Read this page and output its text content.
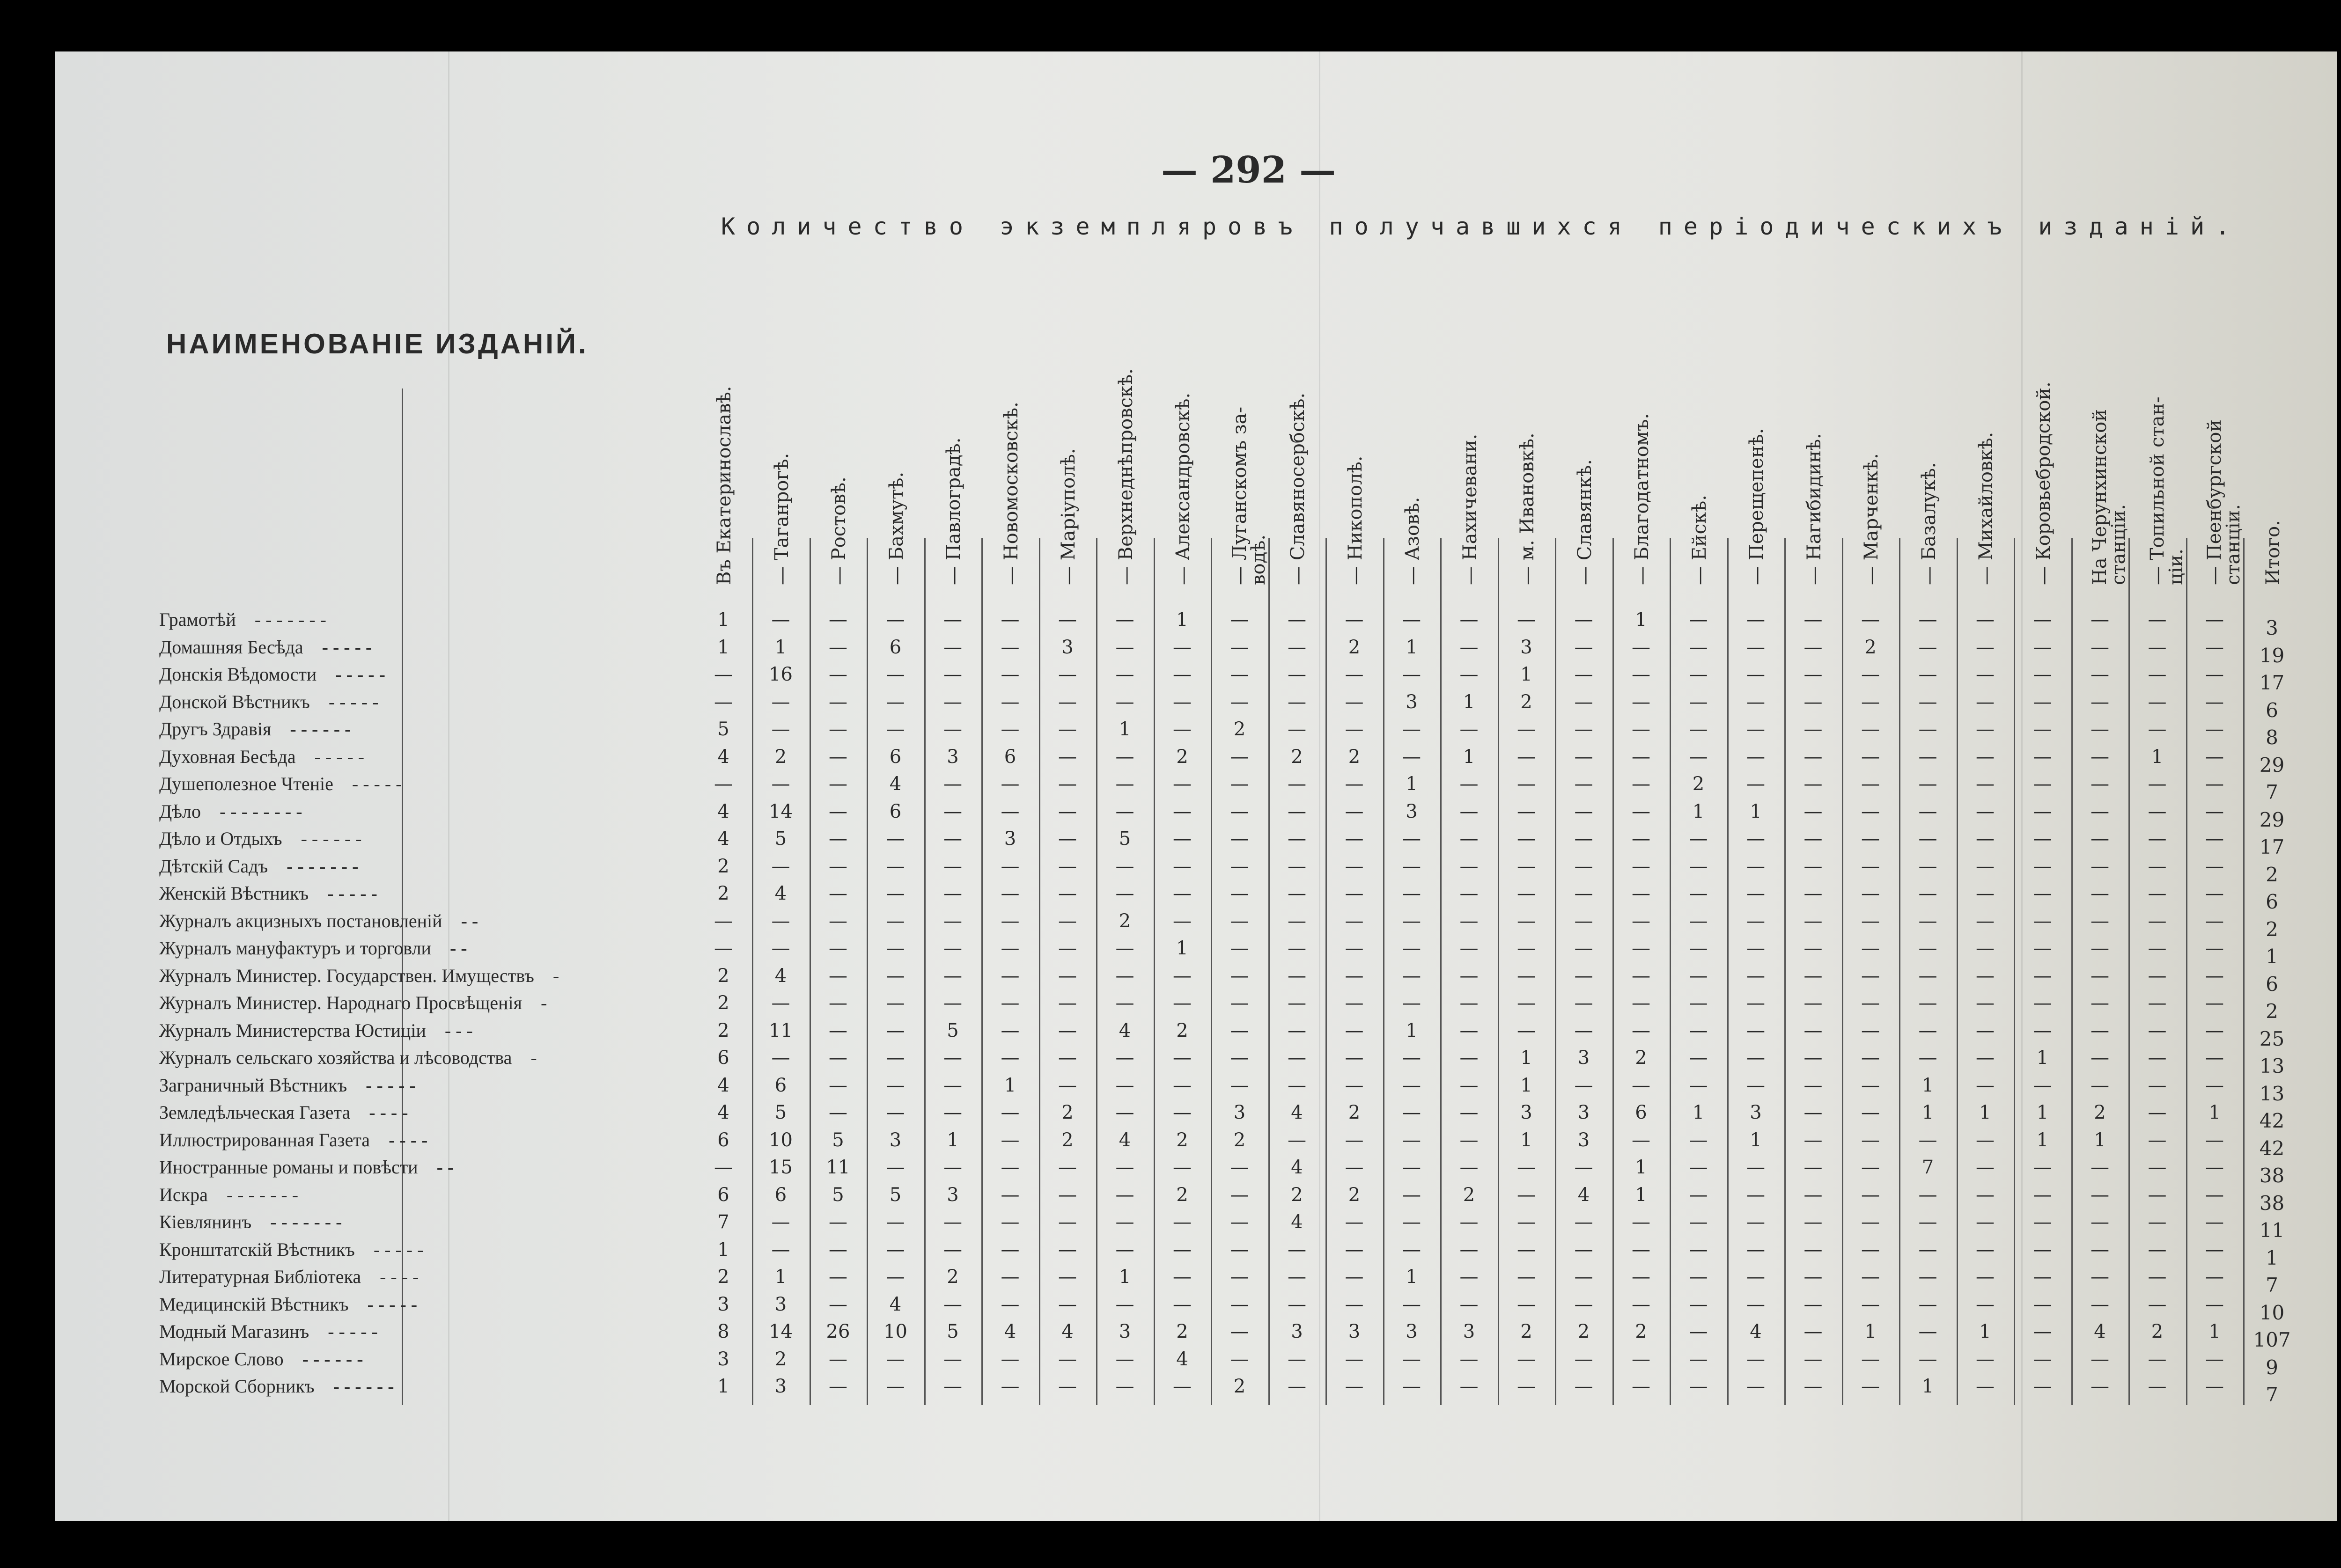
— 292 —
Количество экземпляровъ получавшихся періодическихъ изданій.
НАИМЕНОВАНІЕ ИЗДАНІЙ.
Въ Екатеринославѣ. — Таганрогѣ. — Ростовѣ. — Бахмутѣ. — Павлоградѣ. — Новомосковскѣ. — Маріуполѣ. — Верхнеднѣпровскѣ. — Александровскѣ. — Луганскомъ за-
водѣ. — Славяносербскѣ. — Никополѣ. — Азовѣ. — Нахичевани. — м. Ивановкѣ. — Славянкѣ. — Благодатномъ. — Ейскѣ. — Перещепенѣ. — Нагибидинѣ. — Марченкѣ. — Базалукѣ. — Михайловкѣ. — Коровьебродской. На Черунхинской
станціи. — Топильной стан-
ціи. — Пеенбургской
станціи. Итого.
Грамотѣй - - - - - - -	1	—	—	—	—	—	—	—	1	—	—	—	—	—	—	—	1	—	—	—	—	—	—	—	—	—	—	3
Домашняя Бесѣда - - - - -	1	1	—	6	—	—	3	—	—	—	—	2	1	—	3	—	—	—	—	—	2	—	—	—	—	—	—	19
Донскія Вѣдомости - - - - -	—	16	—	—	—	—	—	—	—	—	—	—	—	—	1	—	—	—	—	—	—	—	—	—	—	—	—	17
Донской Вѣстникъ - - - - -	—	—	—	—	—	—	—	—	—	—	—	—	3	1	2	—	—	—	—	—	—	—	—	—	—	—	—	6
Другъ Здравія - - - - - -	5	—	—	—	—	—	—	1	—	2	—	—	—	—	—	—	—	—	—	—	—	—	—	—	—	—	—	8
Духовная Бесѣда - - - - -	4	2	—	6	3	6	—	—	2	—	2	2	—	1	—	—	—	—	—	—	—	—	—	—	—	1	—	29
Душеполезное Чтеніе - - - - -	—	—	—	4	—	—	—	—	—	—	—	—	1	—	—	—	—	2	—	—	—	—	—	—	—	—	—	7
Дѣло - - - - - - - -	4	14	—	6	—	—	—	—	—	—	—	—	3	—	—	—	—	1	1	—	—	—	—	—	—	—	—	29
Дѣло и Отдыхъ - - - - - -	4	5	—	—	—	3	—	5	—	—	—	—	—	—	—	—	—	—	—	—	—	—	—	—	—	—	—	17
Дѣтскій Садъ - - - - - - -	2	—	—	—	—	—	—	—	—	—	—	—	—	—	—	—	—	—	—	—	—	—	—	—	—	—	—	2
Женскій Вѣстникъ - - - - -	2	4	—	—	—	—	—	—	—	—	—	—	—	—	—	—	—	—	—	—	—	—	—	—	—	—	—	6
Журналъ акцизныхъ постановленій - -	—	—	—	—	—	—	—	2	—	—	—	—	—	—	—	—	—	—	—	—	—	—	—	—	—	—	—	2
Журналъ мануфактуръ и торговли - -	—	—	—	—	—	—	—	—	1	—	—	—	—	—	—	—	—	—	—	—	—	—	—	—	—	—	—	1
Журналъ Министер. Государствен. Имуществъ -	2	4	—	—	—	—	—	—	—	—	—	—	—	—	—	—	—	—	—	—	—	—	—	—	—	—	—	6
Журналъ Министер. Народнаго Просвѣщенія -	2	—	—	—	—	—	—	—	—	—	—	—	—	—	—	—	—	—	—	—	—	—	—	—	—	—	—	2
Журналъ Министерства Юстиціи - - -	2	11	—	—	5	—	—	4	2	—	—	—	1	—	—	—	—	—	—	—	—	—	—	—	—	—	—	25
Журналъ сельскаго хозяйства и лѣсоводства -	6	—	—	—	—	—	—	—	—	—	—	—	—	—	1	3	2	—	—	—	—	—	—	1	—	—	—	13
Заграничный Вѣстникъ - - - - -	4	6	—	—	—	1	—	—	—	—	—	—	—	—	1	—	—	—	—	—	—	1	—	—	—	—	—	13
Земледѣльческая Газета - - - -	4	5	—	—	—	—	2	—	—	3	4	2	—	—	3	3	6	1	3	—	—	1	1	1	2	—	1	42
Иллюстрированная Газета - - - -	6	10	5	3	1	—	2	4	2	2	—	—	—	—	1	3	—	—	1	—	—	—	—	1	1	—	—	42
Иностранные романы и повѣсти - -	—	15	11	—	—	—	—	—	—	—	4	—	—	—	—	—	1	—	—	—	—	7	—	—	—	—	—	38
Искра - - - - - - -	6	6	5	5	3	—	—	—	2	—	2	2	—	2	—	4	1	—	—	—	—	—	—	—	—	—	—	38
Кіевлянинъ - - - - - - -	7	—	—	—	—	—	—	—	—	—	4	—	—	—	—	—	—	—	—	—	—	—	—	—	—	—	—	11
Кронштатскій Вѣстникъ - - - - -	1	—	—	—	—	—	—	—	—	—	—	—	—	—	—	—	—	—	—	—	—	—	—	—	—	—	—	1
Литературная Библіотека - - - -	2	1	—	—	2	—	—	1	—	—	—	—	1	—	—	—	—	—	—	—	—	—	—	—	—	—	—	7
Медицинскій Вѣстникъ - - - - -	3	3	—	4	—	—	—	—	—	—	—	—	—	—	—	—	—	—	—	—	—	—	—	—	—	—	—	10
Модный Магазинъ - - - - -	8	14	26	10	5	4	4	3	2	—	3	3	3	3	2	2	2	—	4	—	1	—	1	—	4	2	1	107
Мирское Слово - - - - - -	3	2	—	—	—	—	—	—	4	—	—	—	—	—	—	—	—	—	—	—	—	—	—	—	—	—	—	9
Морской Сборникъ - - - - - -	1	3	—	—	—	—	—	—	—	2	—	—	—	—	—	—	—	—	—	—	—	1	—	—	—	—	—	7
